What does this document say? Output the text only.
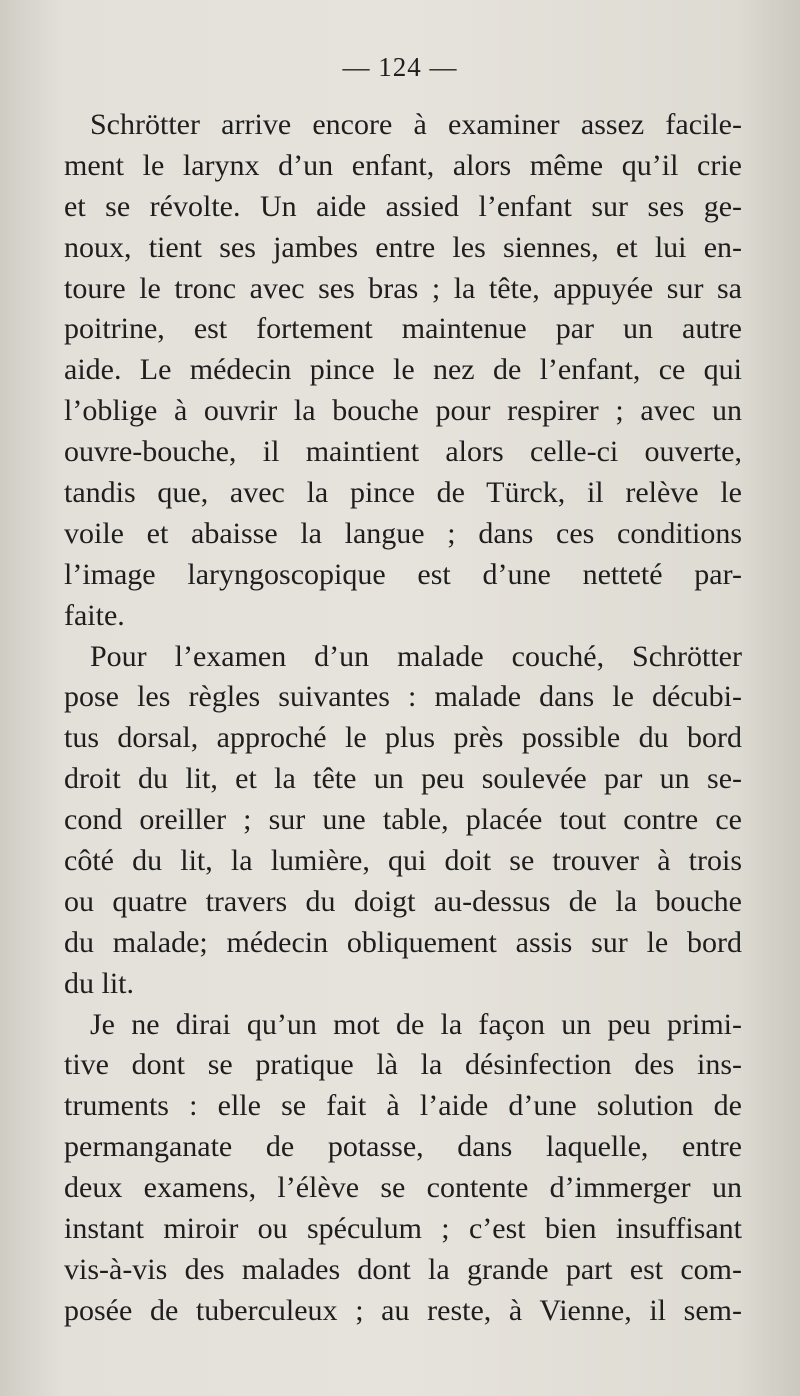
— 124 —
Schrötter arrive encore à examiner assez facile-
ment le larynx d’un enfant, alors même qu’il crie
et se révolte. Un aide assied l’enfant sur ses ge-
noux, tient ses jambes entre les siennes, et lui en-
toure le tronc avec ses bras ; la tête, appuyée sur sa
poitrine, est fortement maintenue par un autre
aide. Le médecin pince le nez de l’enfant, ce qui
l’oblige à ouvrir la bouche pour respirer ; avec un
ouvre-bouche, il maintient alors celle-ci ouverte,
tandis que, avec la pince de Türck, il relève le
voile et abaisse la langue ; dans ces conditions
l’image laryngoscopique est d’une netteté par-
faite.
Pour l’examen d’un malade couché, Schrötter
pose les règles suivantes : malade dans le décubi-
tus dorsal, approché le plus près possible du bord
droit du lit, et la tête un peu soulevée par un se-
cond oreiller ; sur une table, placée tout contre ce
côté du lit, la lumière, qui doit se trouver à trois
ou quatre travers du doigt au-dessus de la bouche
du malade; médecin obliquement assis sur le bord
du lit.
Je ne dirai qu’un mot de la façon un peu primi-
tive dont se pratique là la désinfection des ins-
truments : elle se fait à l’aide d’une solution de
permanganate de potasse, dans laquelle, entre
deux examens, l’élève se contente d’immerger un
instant miroir ou spéculum ; c’est bien insuffisant
vis-à-vis des malades dont la grande part est com-
posée de tuberculeux ; au reste, à Vienne, il sem-
